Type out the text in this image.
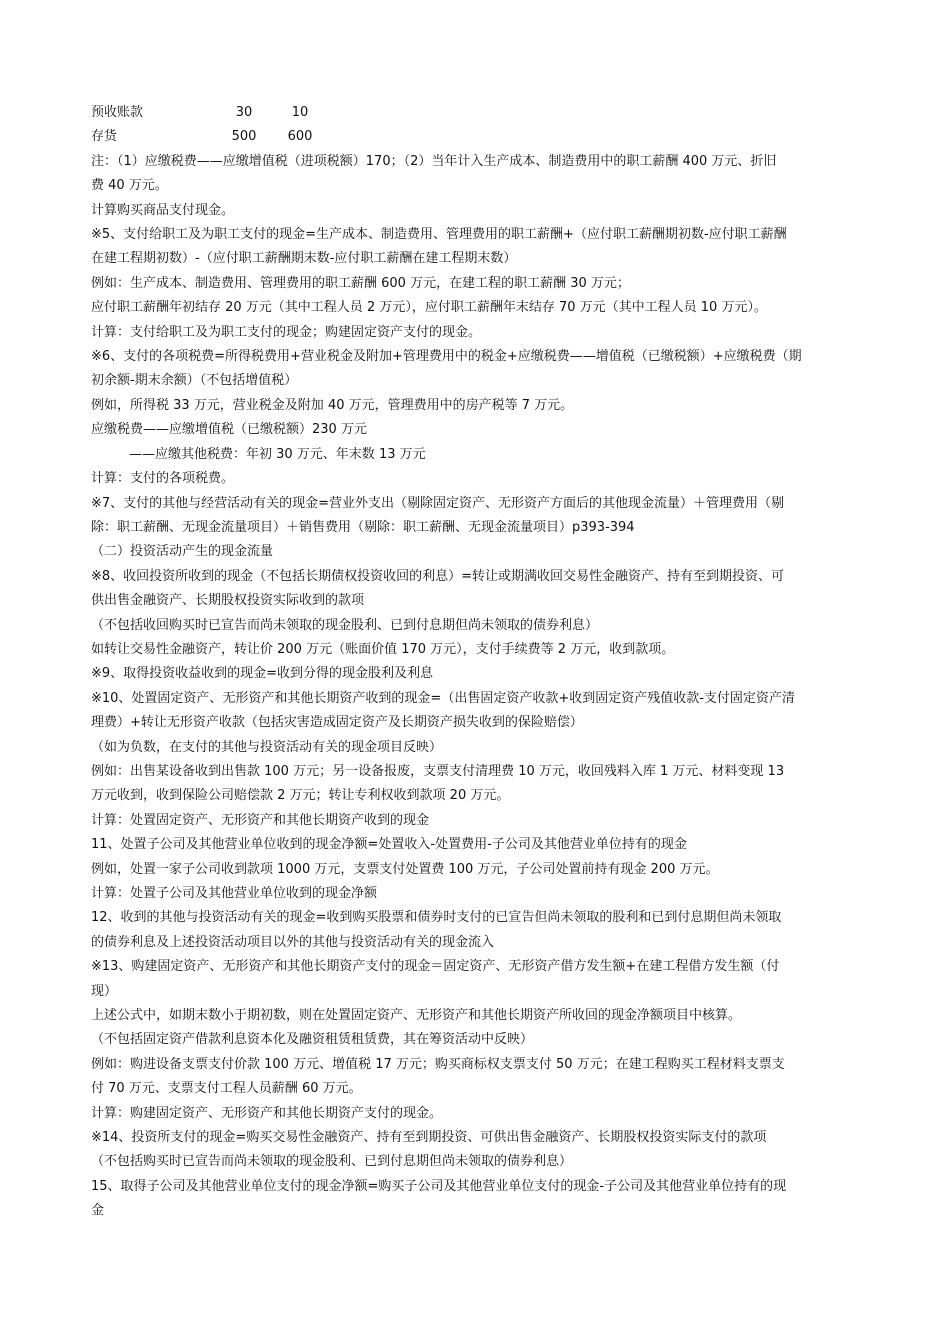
预收账款	30	10
存货	500	600
注：（1）应缴税费——应缴增值税（进项税额）170；（2）当年计入生产成本、制造费用中的职工薪酬 400 万元、折旧
费 40 万元。
计算购买商品支付现金。
※5、支付给职工及为职工支付的现金=生产成本、制造费用、管理费用的职工薪酬+（应付职工薪酬期初数-应付职工薪酬
在建工程期初数）-（应付职工薪酬期末数-应付职工薪酬在建工程期末数）
例如：生产成本、制造费用、管理费用的职工薪酬 600 万元，在建工程的职工薪酬 30 万元；
应付职工薪酬年初结存 20 万元（其中工程人员 2 万元），应付职工薪酬年末结存 70 万元（其中工程人员 10 万元）。
计算：支付给职工及为职工支付的现金；购建固定资产支付的现金。
※6、支付的各项税费=所得税费用+营业税金及附加+管理费用中的税金+应缴税费——增值税（已缴税额）+应缴税费（期
初余额-期末余额）（不包括增值税）
例如，所得税 33 万元，营业税金及附加 40 万元，管理费用中的房产税等 7 万元。
应缴税费——应缴增值税（已缴税额）230 万元
——应缴其他税费：年初 30 万元、年末数 13 万元
计算：支付的各项税费。
※7、支付的其他与经营活动有关的现金=营业外支出（剔除固定资产、无形资产方面后的其他现金流量）＋管理费用（剔
除：职工薪酬、无现金流量项目）＋销售费用（剔除：职工薪酬、无现金流量项目）p393-394
（二）投资活动产生的现金流量
※8、收回投资所收到的现金（不包括长期债权投资收回的利息）=转让或期满收回交易性金融资产、持有至到期投资、可
供出售金融资产、长期股权投资实际收到的款项
（不包括收回购买时已宣告而尚未领取的现金股利、已到付息期但尚未领取的债券利息）
如转让交易性金融资产，转让价 200 万元（账面价值 170 万元），支付手续费等 2 万元，收到款项。
※9、取得投资收益收到的现金=收到分得的现金股利及利息
※10、处置固定资产、无形资产和其他长期资产收到的现金=（出售固定资产收款+收到固定资产残值收款-支付固定资产清
理费）+转让无形资产收款（包括灾害造成固定资产及长期资产损失收到的保险赔偿）
（如为负数，在支付的其他与投资活动有关的现金项目反映）
例如：出售某设备收到出售款 100 万元；另一设备报废，支票支付清理费 10 万元，收回残料入库 1 万元、材料变现 13
万元收到，收到保险公司赔偿款 2 万元；转让专利权收到款项 20 万元。
计算：处置固定资产、无形资产和其他长期资产收到的现金
11、处置子公司及其他营业单位收到的现金净额=处置收入-处置费用-子公司及其他营业单位持有的现金
例如，处置一家子公司收到款项 1000 万元，支票支付处置费 100 万元，子公司处置前持有现金 200 万元。
计算：处置子公司及其他营业单位收到的现金净额
12、收到的其他与投资活动有关的现金=收到购买股票和债券时支付的已宣告但尚未领取的股利和已到付息期但尚未领取
的债券利息及上述投资活动项目以外的其他与投资活动有关的现金流入
※13、购建固定资产、无形资产和其他长期资产支付的现金＝固定资产、无形资产借方发生额+在建工程借方发生额（付
现）
上述公式中，如期末数小于期初数，则在处置固定资产、无形资产和其他长期资产所收回的现金净额项目中核算。
（不包括固定资产借款利息资本化及融资租赁租赁费，其在筹资活动中反映）
例如：购进设备支票支付价款 100 万元、增值税 17 万元；购买商标权支票支付 50 万元；在建工程购买工程材料支票支
付 70 万元、支票支付工程人员薪酬 60 万元。
计算：购建固定资产、无形资产和其他长期资产支付的现金。
※14、投资所支付的现金=购买交易性金融资产、持有至到期投资、可供出售金融资产、长期股权投资实际支付的款项
（不包括购买时已宣告而尚未领取的现金股利、已到付息期但尚未领取的债券利息）
15、取得子公司及其他营业单位支付的现金净额=购买子公司及其他营业单位支付的现金-子公司及其他营业单位持有的现
金
